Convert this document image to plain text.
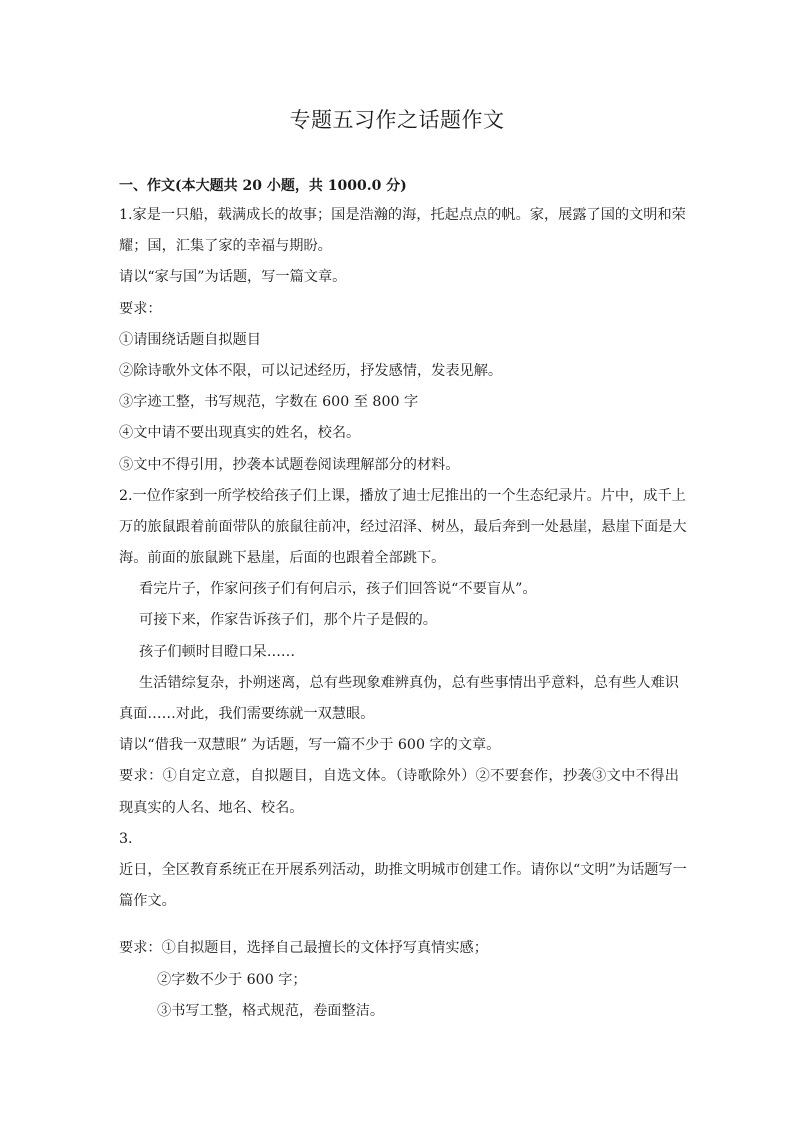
专题五习作之话题作文
一、作文(本大题共 20 小题，共 1000.0 分)
1.家是一只船，载满成长的故事；国是浩瀚的海，托起点点的帆。家，展露了国的文明和荣
耀；国，汇集了家的幸福与期盼。
请以“家与国”为话题，写一篇文章。
要求：
①请围绕话题自拟题目
②除诗歌外文体不限，可以记述经历，抒发感情，发表见解。
③字迹工整，书写规范，字数在 600 至 800 字
④文中请不要出现真实的姓名，校名。
⑤文中不得引用，抄袭本试题卷阅读理解部分的材料。
2.一位作家到一所学校给孩子们上课，播放了迪士尼推出的一个生态纪录片。片中，成千上
万的旅鼠跟着前面带队的旅鼠往前冲，经过沼泽、树丛，最后奔到一处悬崖，悬崖下面是大
海。前面的旅鼠跳下悬崖，后面的也跟着全部跳下。
看完片子，作家问孩子们有何启示，孩子们回答说“不要盲从”。
可接下来，作家告诉孩子们，那个片子是假的。
孩子们顿时目瞪口呆……
生活错综复杂，扑朔迷离，总有些现象难辨真伪，总有些事情出乎意料，总有些人难识
真面……对此，我们需要练就一双慧眼。
请以“借我一双慧眼” 为话题，写一篇不少于 600 字的文章。
要求：①自定立意，自拟题目，自选文体。（诗歌除外）②不要套作，抄袭③文中不得出
现真实的人名、地名、校名。
3.
近日，全区教育系统正在开展系列活动，助推文明城市创建工作。请你以“文明”为话题写一
篇作文。
要求：①自拟题目，选择自己最擅长的文体抒写真情实感；
②字数不少于 600 字；
③书写工整，格式规范，卷面整洁。
